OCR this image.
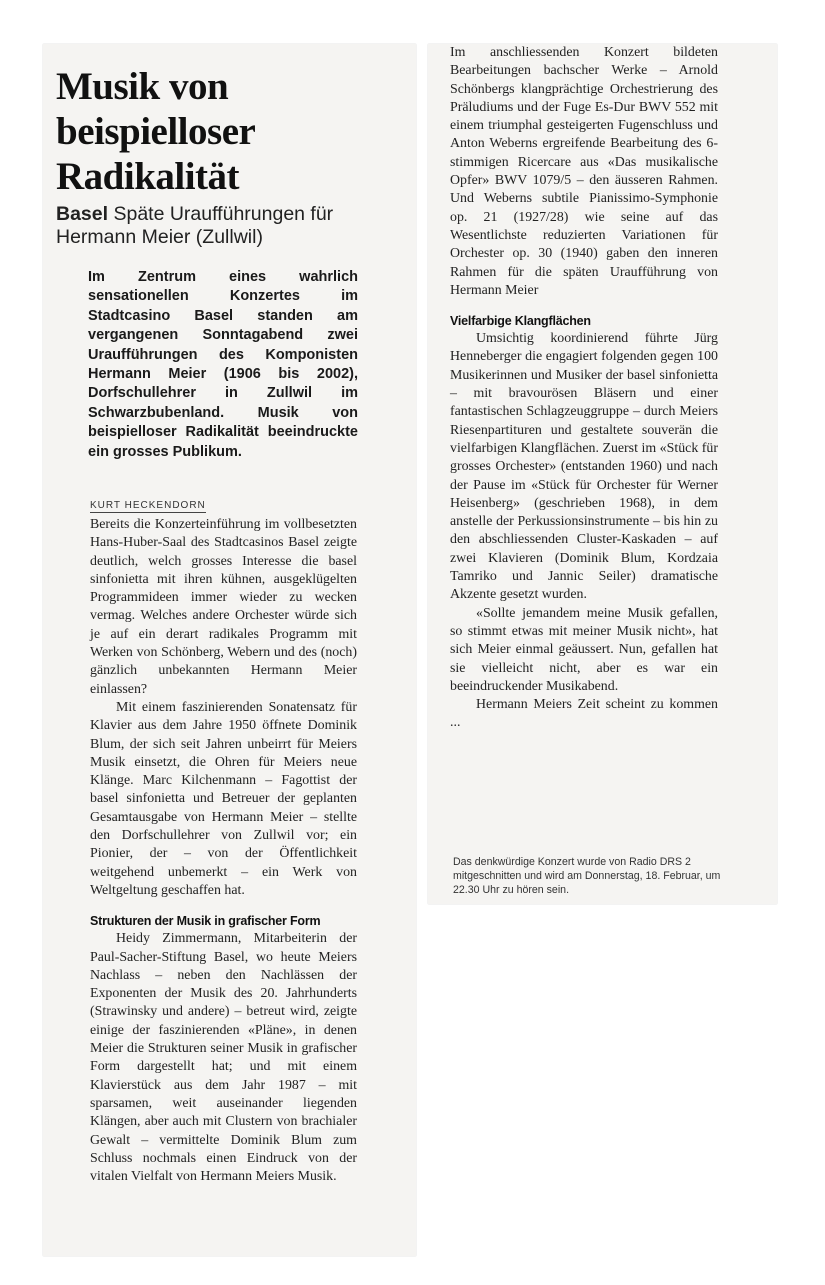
Musik von beispielloser Radikalität
Basel Späte Uraufführungen für Hermann Meier (Zullwil)
Im Zentrum eines wahrlich sensationellen Konzertes im Stadtcasino Basel standen am vergangenen Sonntagabend zwei Uraufführungen des Komponisten Hermann Meier (1906 bis 2002), Dorfschullehrer in Zullwil im Schwarzbubenland. Musik von beispielloser Radikalität beeindruckte ein grosses Publikum.
KURT HECKENDORN

Bereits die Konzerteinführung im vollbesetzten Hans-Huber-Saal des Stadtcasinos Basel zeigte deutlich, welch grosses Interesse die basel sinfonietta mit ihren kühnen, ausgeklügelten Programmideen immer wieder zu wecken vermag. Welches andere Orchester würde sich je auf ein derart radikales Programm mit Werken von Schönberg, Webern und des (noch) gänzlich unbekannten Hermann Meier einlassen?

Mit einem faszinierenden Sonatensatz für Klavier aus dem Jahre 1950 öffnete Dominik Blum, der sich seit Jahren unbeirrt für Meiers Musik einsetzt, die Ohren für Meiers neue Klänge. Marc Kilchenmann – Fagottist der basel sinfonietta und Betreuer der geplanten Gesamtausgabe von Hermann Meier – stellte den Dorfschullehrer von Zullwil vor; ein Pionier, der – von der Öffentlichkeit weitgehend unbemerkt – ein Werk von Weltgeltung geschaffen hat.

Strukturen der Musik in grafischer Form

Heidy Zimmermann, Mitarbeiterin der Paul-Sacher-Stiftung Basel, wo heute Meiers Nachlass – neben den Nachlässen der Exponenten der Musik des 20. Jahrhunderts (Strawinsky und andere) – betreut wird, zeigte einige der faszinierenden «Pläne», in denen Meier die Strukturen seiner Musik in grafischer Form dargestellt hat; und mit einem Klavierstück aus dem Jahr 1987 – mit sparsamen, weit auseinander liegenden Klängen, aber auch mit Clustern von brachialer Gewalt – vermittelte Dominik Blum zum Schluss nochmals einen Eindruck von der vitalen Vielfalt von Hermann Meiers Musik.

Im anschliessenden Konzert bildeten Bearbeitungen bachscher Werke – Arnold Schönbergs klangprächtige Orchestrierung des Präludiums und der Fuge Es-Dur BWV 552 mit einem triumphal gesteigerten Fugenschluss und Anton Weberns ergreifende Bearbeitung des 6-stimmigen Ricercare aus «Das musikalische Opfer» BWV 1079/5 – den äusseren Rahmen. Und Weberns subtile Pianissimo-Symphonie op. 21 (1927/28) wie seine auf das Wesentlichste reduzierten Variationen für Orchester op. 30 (1940) gaben den inneren Rahmen für die späten Uraufführung von Hermann Meier

Vielfarbige Klangflächen

Umsichtig koordinierend führte Jürg Henneberger die engagiert folgenden gegen 100 Musikerinnen und Musiker der basel sinfonietta – mit bravourösen Bläsern und einer fantastischen Schlagzeuggruppe – durch Meiers Riesenpartituren und gestaltete souverän die vielfarbigen Klangflächen. Zuerst im «Stück für grosses Orchester» (entstanden 1960) und nach der Pause im «Stück für Orchester für Werner Heisenberg» (geschrieben 1968), in dem anstelle der Perkussionsinstrumente – bis hin zu den abschliessenden Cluster-Kaskaden – auf zwei Klavieren (Dominik Blum, Kordzaia Tamriko und Jannic Seiler) dramatische Akzente gesetzt wurden.

«Sollte jemandem meine Musik gefallen, so stimmt etwas mit meiner Musik nicht», hat sich Meier einmal geäussert. Nun, gefallen hat sie vielleicht nicht, aber es war ein beeindruckender Musikabend.

Hermann Meiers Zeit scheint zu kommen ...

Das denkwürdige Konzert wurde von Radio DRS 2 mitgeschnitten und wird am Donnerstag, 18. Februar, um 22.30 Uhr zu hören sein.
